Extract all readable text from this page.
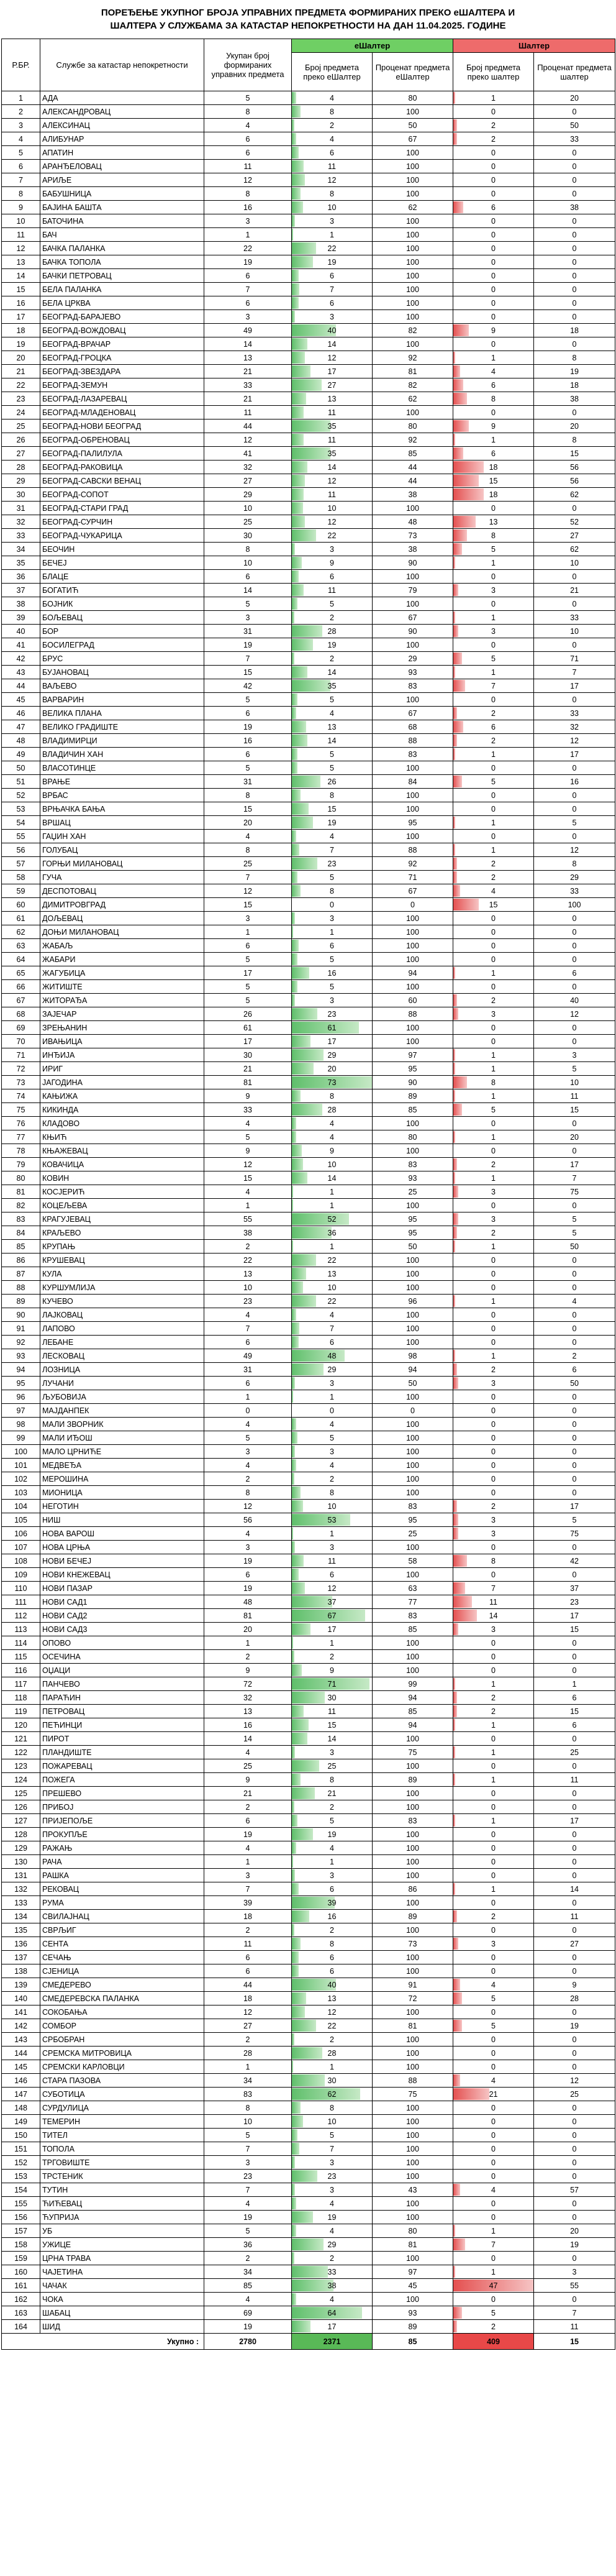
ПОРЕЂЕЊЕ УКУПНОГ БРОЈА УПРАВНИХ ПРЕДМЕТА ФОРМИРАНИХ ПРЕКО еШАЛТЕРА И
ШАЛТЕРА У СЛУЖБАМА ЗА КАТАСТАР НЕПОКРЕТНОСТИ НА ДАН 11.04.2025. ГОДИНЕ
Р.БР.	Службе за катастар непокретности	Укупан број формираних управних предмета	еШалтер		Шалтер	
			Број предмета преко еШалтер	Проценат предмета еШалтер	Број предмета преко шалтер	Проценат предмета шалтер
1	АДА	5	4	80	1	20
2	АЛЕКСАНДРОВАЦ	8	8	100	0	0
3	АЛЕКСИНАЦ	4	2	50	2	50
4	АЛИБУНАР	6	4	67	2	33
5	АПАТИН	6	6	100	0	0
6	АРАНЂЕЛОВАЦ	11	11	100	0	0
7	АРИЉЕ	12	12	100	0	0
8	БАБУШНИЦА	8	8	100	0	0
9	БАЈИНА БАШТА	16	10	62	6	38
10	БАТОЧИНА	3	3	100	0	0
11	БАЧ	1	1	100	0	0
12	БАЧКА ПАЛАНКА	22	22	100	0	0
13	БАЧКА ТОПОЛА	19	19	100	0	0
14	БАЧКИ ПЕТРОВАЦ	6	6	100	0	0
15	БЕЛА ПАЛАНКА	7	7	100	0	0
16	БЕЛА ЦРКВА	6	6	100	0	0
17	БЕОГРАД-БАРАЈЕВО	3	3	100	0	0
18	БЕОГРАД-ВОЖДОВАЦ	49	40	82	9	18
19	БЕОГРАД-ВРАЧАР	14	14	100	0	0
20	БЕОГРАД-ГРОЦКА	13	12	92	1	8
21	БЕОГРАД-ЗВЕЗДАРА	21	17	81	4	19
22	БЕОГРАД-ЗЕМУН	33	27	82	6	18
23	БЕОГРАД-ЛАЗАРЕВАЦ	21	13	62	8	38
24	БЕОГРАД-МЛАДЕНОВАЦ	11	11	100	0	0
25	БЕОГРАД-НОВИ БЕОГРАД	44	35	80	9	20
26	БЕОГРАД-ОБРЕНОВАЦ	12	11	92	1	8
27	БЕОГРАД-ПАЛИЛУЛА	41	35	85	6	15
28	БЕОГРАД-РАКОВИЦА	32	14	44	18	56
29	БЕОГРАД-САВСКИ ВЕНАЦ	27	12	44	15	56
30	БЕОГРАД-СОПОТ	29	11	38	18	62
31	БЕОГРАД-СТАРИ ГРАД	10	10	100	0	0
32	БЕОГРАД-СУРЧИН	25	12	48	13	52
33	БЕОГРАД-ЧУКАРИЦА	30	22	73	8	27
34	БЕОЧИН	8	3	38	5	62
35	БЕЧЕЈ	10	9	90	1	10
36	БЛАЦЕ	6	6	100	0	0
37	БОГАТИЋ	14	11	79	3	21
38	БОЈНИК	5	5	100	0	0
39	БОЉЕВАЦ	3	2	67	1	33
40	БОР	31	28	90	3	10
41	БОСИЛЕГРАД	19	19	100	0	0
42	БРУС	7	2	29	5	71
43	БУЈАНОВАЦ	15	14	93	1	7
44	ВАЉЕВО	42	35	83	7	17
45	ВАРВАРИН	5	5	100	0	0
46	ВЕЛИКА ПЛАНА	6	4	67	2	33
47	ВЕЛИКО ГРАДИШТЕ	19	13	68	6	32
48	ВЛАДИМИРЦИ	16	14	88	2	12
49	ВЛАДИЧИН ХАН	6	5	83	1	17
50	ВЛАСОТИНЦЕ	5	5	100	0	0
51	ВРАЊЕ	31	26	84	5	16
52	ВРБАС	8	8	100	0	0
53	ВРЊАЧКА БАЊА	15	15	100	0	0
54	ВРШАЦ	20	19	95	1	5
55	ГАЏИН ХАН	4	4	100	0	0
56	ГОЛУБАЦ	8	7	88	1	12
57	ГОРЊИ МИЛАНОВАЦ	25	23	92	2	8
58	ГУЧА	7	5	71	2	29
59	ДЕСПОТОВАЦ	12	8	67	4	33
60	ДИМИТРОВГРАД	15	0	0	15	100
61	ДОЉЕВАЦ	3	3	100	0	0
62	ДОЊИ МИЛАНОВАЦ	1	1	100	0	0
63	ЖАБАЉ	6	6	100	0	0
64	ЖАБАРИ	5	5	100	0	0
65	ЖАГУБИЦА	17	16	94	1	6
66	ЖИТИШТЕ	5	5	100	0	0
67	ЖИТОРАЂА	5	3	60	2	40
68	ЗАЈЕЧАР	26	23	88	3	12
69	ЗРЕЊАНИН	61	61	100	0	0
70	ИВАЊИЦА	17	17	100	0	0
71	ИНЂИЈА	30	29	97	1	3
72	ИРИГ	21	20	95	1	5
73	ЈАГОДИНА	81	73	90	8	10
74	КАЊИЖА	9	8	89	1	11
75	КИКИНДА	33	28	85	5	15
76	КЛАДОВО	4	4	100	0	0
77	КЊИЋ	5	4	80	1	20
78	КЊАЖЕВАЦ	9	9	100	0	0
79	КОВАЧИЦА	12	10	83	2	17
80	КОВИН	15	14	93	1	7
81	КОСЈЕРИЋ	4	1	25	3	75
82	КОЦЕЉЕВА	1	1	100	0	0
83	КРАГУЈЕВАЦ	55	52	95	3	5
84	КРАЉЕВО	38	36	95	2	5
85	КРУПАЊ	2	1	50	1	50
86	КРУШЕВАЦ	22	22	100	0	0
87	КУЛА	13	13	100	0	0
88	КУРШУМЛИЈА	10	10	100	0	0
89	КУЧЕВО	23	22	96	1	4
90	ЛАЈКОВАЦ	4	4	100	0	0
91	ЛАПОВО	7	7	100	0	0
92	ЛЕБАНЕ	6	6	100	0	0
93	ЛЕСКОВАЦ	49	48	98	1	2
94	ЛОЗНИЦА	31	29	94	2	6
95	ЛУЧАНИ	6	3	50	3	50
96	ЉУБОВИЈА	1	1	100	0	0
97	МАЈДАНПЕК	0	0	0	0	0
98	МАЛИ ЗВОРНИК	4	4	100	0	0
99	МАЛИ ИЂОШ	5	5	100	0	0
100	МАЛО ЦРНИЋЕ	3	3	100	0	0
101	МЕДВЕЂА	4	4	100	0	0
102	МЕРОШИНА	2	2	100	0	0
103	МИОНИЦА	8	8	100	0	0
104	НЕГОТИН	12	10	83	2	17
105	НИШ	56	53	95	3	5
106	НОВА ВАРОШ	4	1	25	3	75
107	НОВА ЦРЊА	3	3	100	0	0
108	НОВИ БЕЧЕЈ	19	11	58	8	42
109	НОВИ КНЕЖЕВАЦ	6	6	100	0	0
110	НОВИ ПАЗАР	19	12	63	7	37
111	НОВИ САД1	48	37	77	11	23
112	НОВИ САД2	81	67	83	14	17
113	НОВИ САД3	20	17	85	3	15
114	ОПОВО	1	1	100	0	0
115	ОСЕЧИНА	2	2	100	0	0
116	ОЏАЦИ	9	9	100	0	0
117	ПАНЧЕВО	72	71	99	1	1
118	ПАРАЋИН	32	30	94	2	6
119	ПЕТРОВАЦ	13	11	85	2	15
120	ПЕЋИНЦИ	16	15	94	1	6
121	ПИРОТ	14	14	100	0	0
122	ПЛАНДИШТЕ	4	3	75	1	25
123	ПОЖАРЕВАЦ	25	25	100	0	0
124	ПОЖЕГА	9	8	89	1	11
125	ПРЕШЕВО	21	21	100	0	0
126	ПРИБОЈ	2	2	100	0	0
127	ПРИЈЕПОЉЕ	6	5	83	1	17
128	ПРОКУПЉЕ	19	19	100	0	0
129	РАЖАЊ	4	4	100	0	0
130	РАЧА	1	1	100	0	0
131	РАШКА	3	3	100	0	0
132	РЕКОВАЦ	7	6	86	1	14
133	РУМА	39	39	100	0	0
134	СВИЛАЈНАЦ	18	16	89	2	11
135	СВРЉИГ	2	2	100	0	0
136	СЕНТА	11	8	73	3	27
137	СЕЧАЊ	6	6	100	0	0
138	СЈЕНИЦА	6	6	100	0	0
139	СМЕДЕРЕВО	44	40	91	4	9
140	СМЕДЕРЕВСКА ПАЛАНКА	18	13	72	5	28
141	СОКОБАЊА	12	12	100	0	0
142	СОМБОР	27	22	81	5	19
143	СРБОБРАН	2	2	100	0	0
144	СРЕМСКА МИТРОВИЦА	28	28	100	0	0
145	СРЕМСКИ КАРЛОВЦИ	1	1	100	0	0
146	СТАРА ПАЗОВА	34	30	88	4	12
147	СУБОТИЦА	83	62	75	21	25
148	СУРДУЛИЦА	8	8	100	0	0
149	ТЕМЕРИН	10	10	100	0	0
150	ТИТЕЛ	5	5	100	0	0
151	ТОПОЛА	7	7	100	0	0
152	ТРГОВИШТЕ	3	3	100	0	0
153	ТРСТЕНИК	23	23	100	0	0
154	ТУТИН	7	3	43	4	57
155	ЋИЋЕВАЦ	4	4	100	0	0
156	ЋУПРИЈА	19	19	100	0	0
157	УБ	5	4	80	1	20
158	УЖИЦЕ	36	29	81	7	19
159	ЦРНА ТРАВА	2	2	100	0	0
160	ЧАЈЕТИНА	34	33	97	1	3
161	ЧАЧАК	85	38	45	47	55
162	ЧОКА	4	4	100	0	0
163	ШАБАЦ	69	64	93	5	7
164	ШИД	19	17	89	2	11
Укупно :		2780	2371	85	409	15
